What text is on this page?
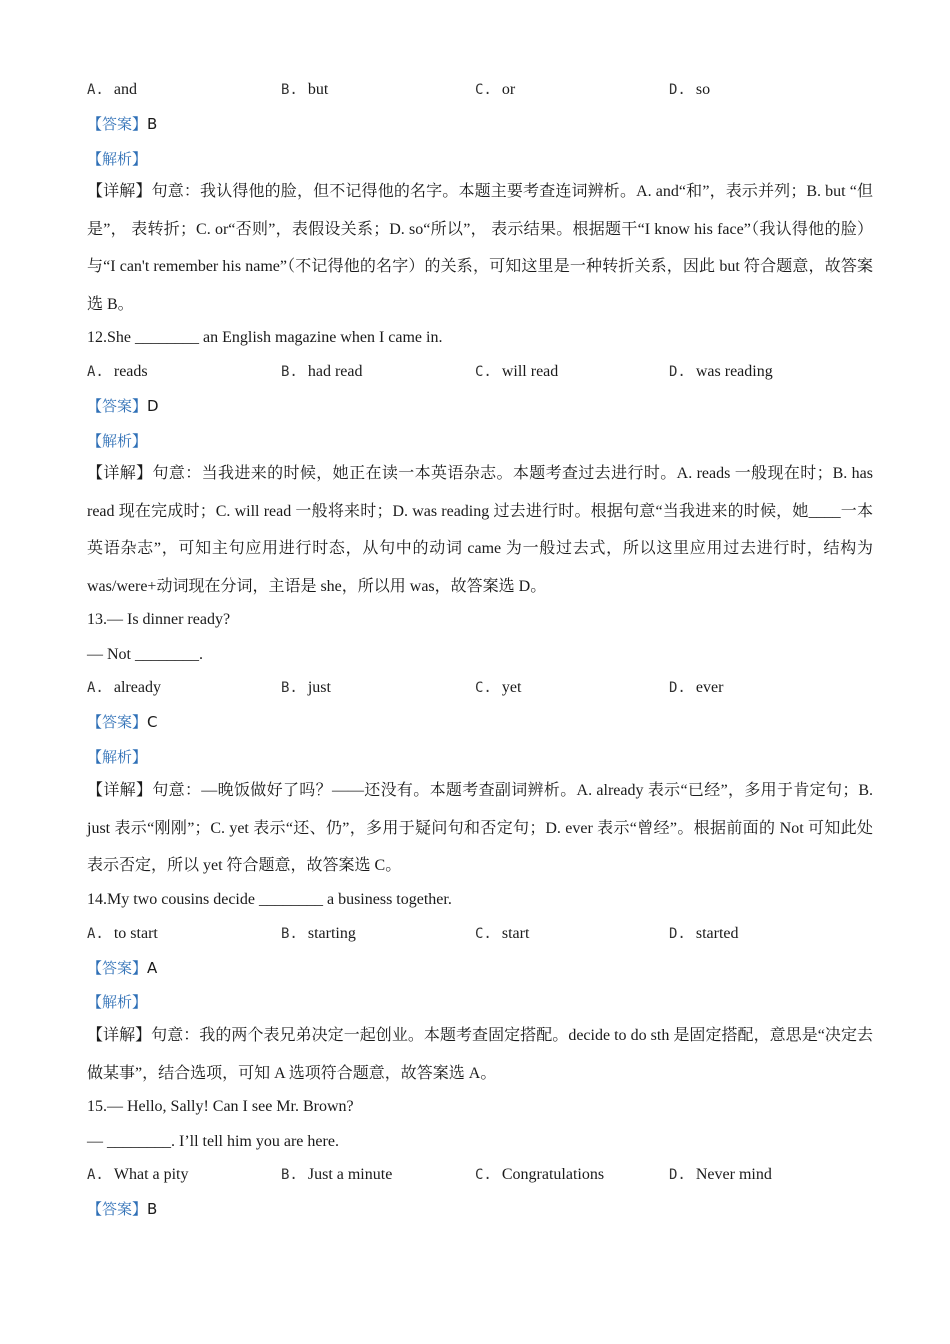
A. and	B. but	C. or	D. so
【答案】B
【解析】
【详解】句意：我认得他的脸，但不记得他的名字。本题主要考查连词辨析。A. and“和”，表示并列；B. but “但是”， 表转折；C. or“否则”，表假设关系；D. so“所以”， 表示结果。根据题干“I know his face”（我认得他的脸）与“I can't remember his name”（不记得他的名字）的关系，可知这里是一种转折关系，因此 but 符合题意，故答案选 B。
12.She ________ an English magazine when I came in.
A. reads	B. had read	C. will read	D. was reading
【答案】D
【解析】
【详解】句意：当我进来的时候，她正在读一本英语杂志。本题考查过去进行时。A. reads 一般现在时；B. has read 现在完成时；C. will read 一般将来时；D. was reading 过去进行时。根据句意“当我进来的时候，她____一本英语杂志”，可知主句应用进行时态，从句中的动词 came 为一般过去式，所以这里应用过去进行时，结构为 was/were+动词现在分词，主语是 she，所以用 was，故答案选 D。
13.— Is dinner ready?
— Not ________.
A. already	B. just	C. yet	D. ever
【答案】C
【解析】
【详解】句意：—晚饭做好了吗？——还没有。本题考查副词辨析。A. already 表示“已经”，多用于肯定句；B. just 表示“刚刚”；C. yet 表示“还、仍”，多用于疑问句和否定句；D. ever 表示“曾经”。根据前面的 Not 可知此处表示否定，所以 yet 符合题意，故答案选 C。
14.My two cousins decide ________ a business together.
A. to start	B. starting	C. start	D. started
【答案】A
【解析】
【详解】句意：我的两个表兄弟决定一起创业。本题考查固定搭配。decide to do sth 是固定搭配，意思是“决定去做某事”，结合选项，可知 A 选项符合题意，故答案选 A。
15.— Hello, Sally! Can I see Mr. Brown?
— ________. I’ll tell him you are here.
A. What a pity	B. Just a minute	C. Congratulations	D. Never mind
【答案】B
